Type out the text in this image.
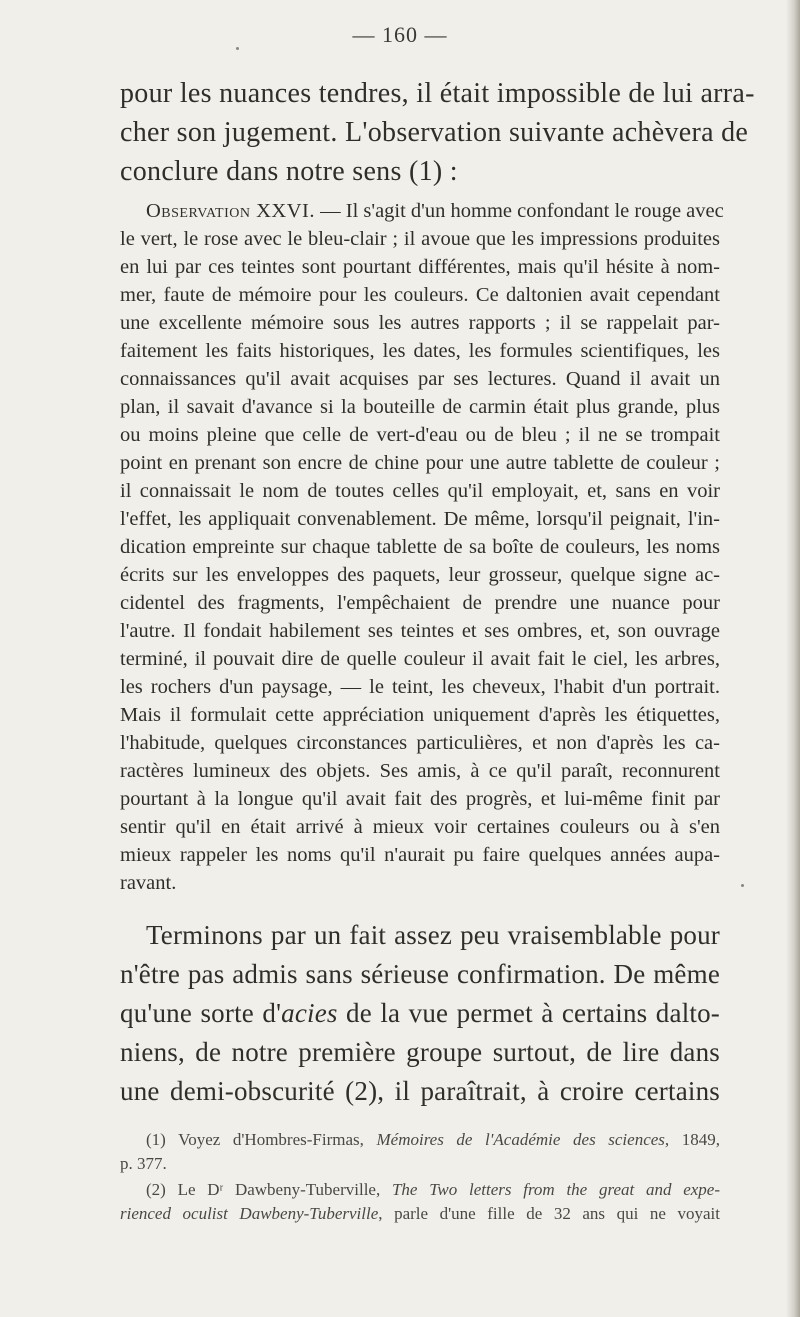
— 160 —
pour les nuances tendres, il était impossible de lui arra-
cher son jugement. L'observation suivante achèvera de
conclure dans notre sens (1) :
Observation XXVI. — Il s'agit d'un homme confondant le rouge avec
le vert, le rose avec le bleu-clair ; il avoue que les impressions produites
en lui par ces teintes sont pourtant différentes, mais qu'il hésite à nom-
mer, faute de mémoire pour les couleurs. Ce daltonien avait cependant
une excellente mémoire sous les autres rapports ; il se rappelait par-
faitement les faits historiques, les dates, les formules scientifiques, les
connaissances qu'il avait acquises par ses lectures. Quand il avait un
plan, il savait d'avance si la bouteille de carmin était plus grande, plus
ou moins pleine que celle de vert-d'eau ou de bleu ; il ne se trompait
point en prenant son encre de chine pour une autre tablette de couleur ;
il connaissait le nom de toutes celles qu'il employait, et, sans en voir
l'effet, les appliquait convenablement. De même, lorsqu'il peignait, l'in-
dication empreinte sur chaque tablette de sa boîte de couleurs, les noms
écrits sur les enveloppes des paquets, leur grosseur, quelque signe ac-
cidentel des fragments, l'empêchaient de prendre une nuance pour
l'autre. Il fondait habilement ses teintes et ses ombres, et, son ouvrage
terminé, il pouvait dire de quelle couleur il avait fait le ciel, les arbres,
les rochers d'un paysage, — le teint, les cheveux, l'habit d'un portrait.
Mais il formulait cette appréciation uniquement d'après les étiquettes,
l'habitude, quelques circonstances particulières, et non d'après les ca-
ractères lumineux des objets. Ses amis, à ce qu'il paraît, reconnurent
pourtant à la longue qu'il avait fait des progrès, et lui-même finit par
sentir qu'il en était arrivé à mieux voir certaines couleurs ou à s'en
mieux rappeler les noms qu'il n'aurait pu faire quelques années aupa-
ravant.
Terminons par un fait assez peu vraisemblable pour
n'être pas admis sans sérieuse confirmation. De même
qu'une sorte d'acies de la vue permet à certains dalto-
niens, de notre première groupe surtout, de lire dans
une demi-obscurité (2), il paraîtrait, à croire certains
(1) Voyez d'Hombres-Firmas, Mémoires de l'Académie des sciences, 1849,
p. 377.
(2) Le Dʳ Dawbeny-Tuberville, The Two letters from the great and expe-
rienced oculist Dawbeny-Tuberville, parle d'une fille de 32 ans qui ne voyait
